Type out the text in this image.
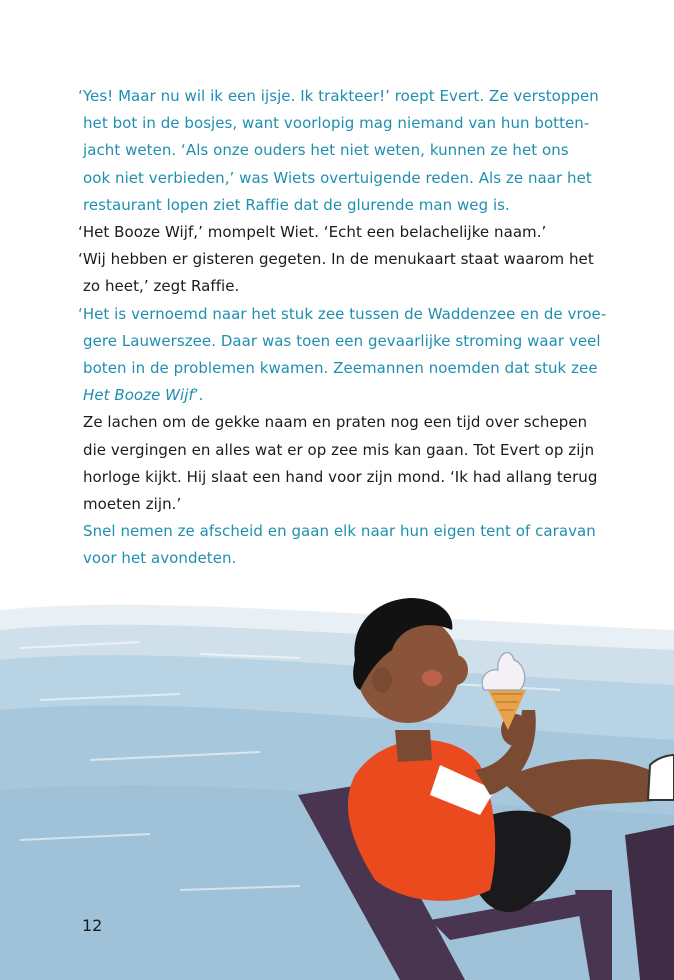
‘Yes! Maar nu wil ik een ijsje. Ik trakteer!’ roept Evert. Ze verstoppen
het bot in de bosjes, want voorlopig mag niemand van hun botten-
jacht weten. ‘Als onze ouders het niet weten, kunnen ze het ons
ook niet verbieden,’ was Wiets overtuigende reden. Als ze naar het
restaurant lopen ziet Raffie dat de glurende man weg is.
‘Het Booze Wijf,’ mompelt Wiet. ‘Echt een belachelijke naam.’
‘Wij hebben er gisteren gegeten. In de menukaart staat waarom het
zo heet,’ zegt Raffie.
‘Het is vernoemd naar het stuk zee tussen de Waddenzee en de vroe-
gere Lauwerszee. Daar was toen een gevaarlijke stroming waar veel
boten in de problemen kwamen. Zeemannen noemden dat stuk zee
Het Booze Wijf’.
Ze lachen om de gekke naam en praten nog een tijd over schepen
die vergingen en alles wat er op zee mis kan gaan. Tot Evert op zijn
horloge kijkt. Hij slaat een hand voor zijn mond. ‘Ik had allang terug
moeten zijn.’
Snel nemen ze afscheid en gaan elk naar hun eigen tent of caravan
voor het avondeten.
12
